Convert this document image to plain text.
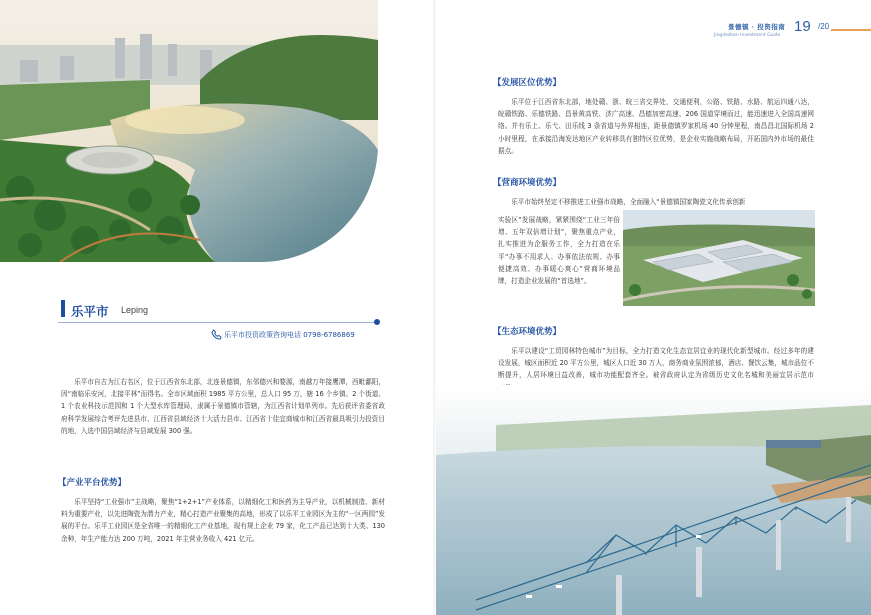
乐平市 Leping
乐平市投资政策咨询电话 0798-6786869

乐平市自古为江右名区，位于江西省东北部，北连景德镇，东邻德兴和婺源，南越万年接鹰潭，西毗鄱阳，因“南临乐安河，北接平林”而得名。全市区域面积 1985 平方公里，总人口 95 万，辖 16 个乡镇、2 个街道、1 个农业科技示范园和 1 个大型水库管理局，隶属于景德镇市管辖，为江西省计划单列市。先后获评省委省政府科学发展综合考评先进县市、江西省县域经济十大活力县市、江西省十佳宜商城市和江西省最具吸引力投资目的地，入选中国县域经济与县域发展 300 强。

【产业平台优势】

乐平坚持“工业强市”主战略，聚焦“1+2+1”产业体系，以精细化工和医药为主导产业，以机械制造、新材料为重要产业，以先进陶瓷为潜力产业，精心打造产业聚集的高地，形成了以乐平工业园区为主的“一区两园”发展的平台。乐平工业园区是全省唯一的精细化工产业基地，现有规上企业 79 家，化工产品已达到十大类、130 余种，年生产能力达 200 万吨，2021 年主营业务收入 421 亿元。

景德镇 · 投资指南
Jingdezhen Investment Guide
19 /20
【发展区位优势】

乐平位于江西省东北部，地处赣、浙、皖三省交界处，交通便利，公路、铁路、水路、航运四通八达，皖赣铁路、乐德铁路、昌景黄高铁、济广高速、昌德加密高速、206 国道穿境而过，能迅速进入全国高速网络。并有乐上、乐弋、田乐线 3 条省道与外界相连，距景德镇罗家机场 40 分钟里程，南昌昌北国际机场 2 小时里程，在承接沿海发达地区产业转移具有独特区位优势，是企业实施战略布局，开拓国内外市场的最佳据点。

【营商环境优势】

乐平市始终坚定不移推进工业强市战略，全面融入“景德镇国家陶瓷文化传承创新

实验区”发展战略，紧紧围绕“工业三年倍增、五年双倍增计划”，聚焦重点产业，扎实推进为企服务工作，全力打造在乐平“办事不用求人、办事依法依规、办事便捷高效、办事暖心爽心”营商环境品牌，打造企业发展的“首选地”。

【生态环境优势】

乐平以建设“工贸园林特色城市”为目标，全力打造文化生态宜居宜业的现代化新型城市。经过多年的建设发展，城区面积近 20 平方公里，城区人口近 30 万人，商务商业氛围浓郁，酒店、餐饮云集，城市品位不断提升，人居环境日益改善，城市功能配套齐全。被省政府认定为省级历史文化名城和美丽宜居示范市
